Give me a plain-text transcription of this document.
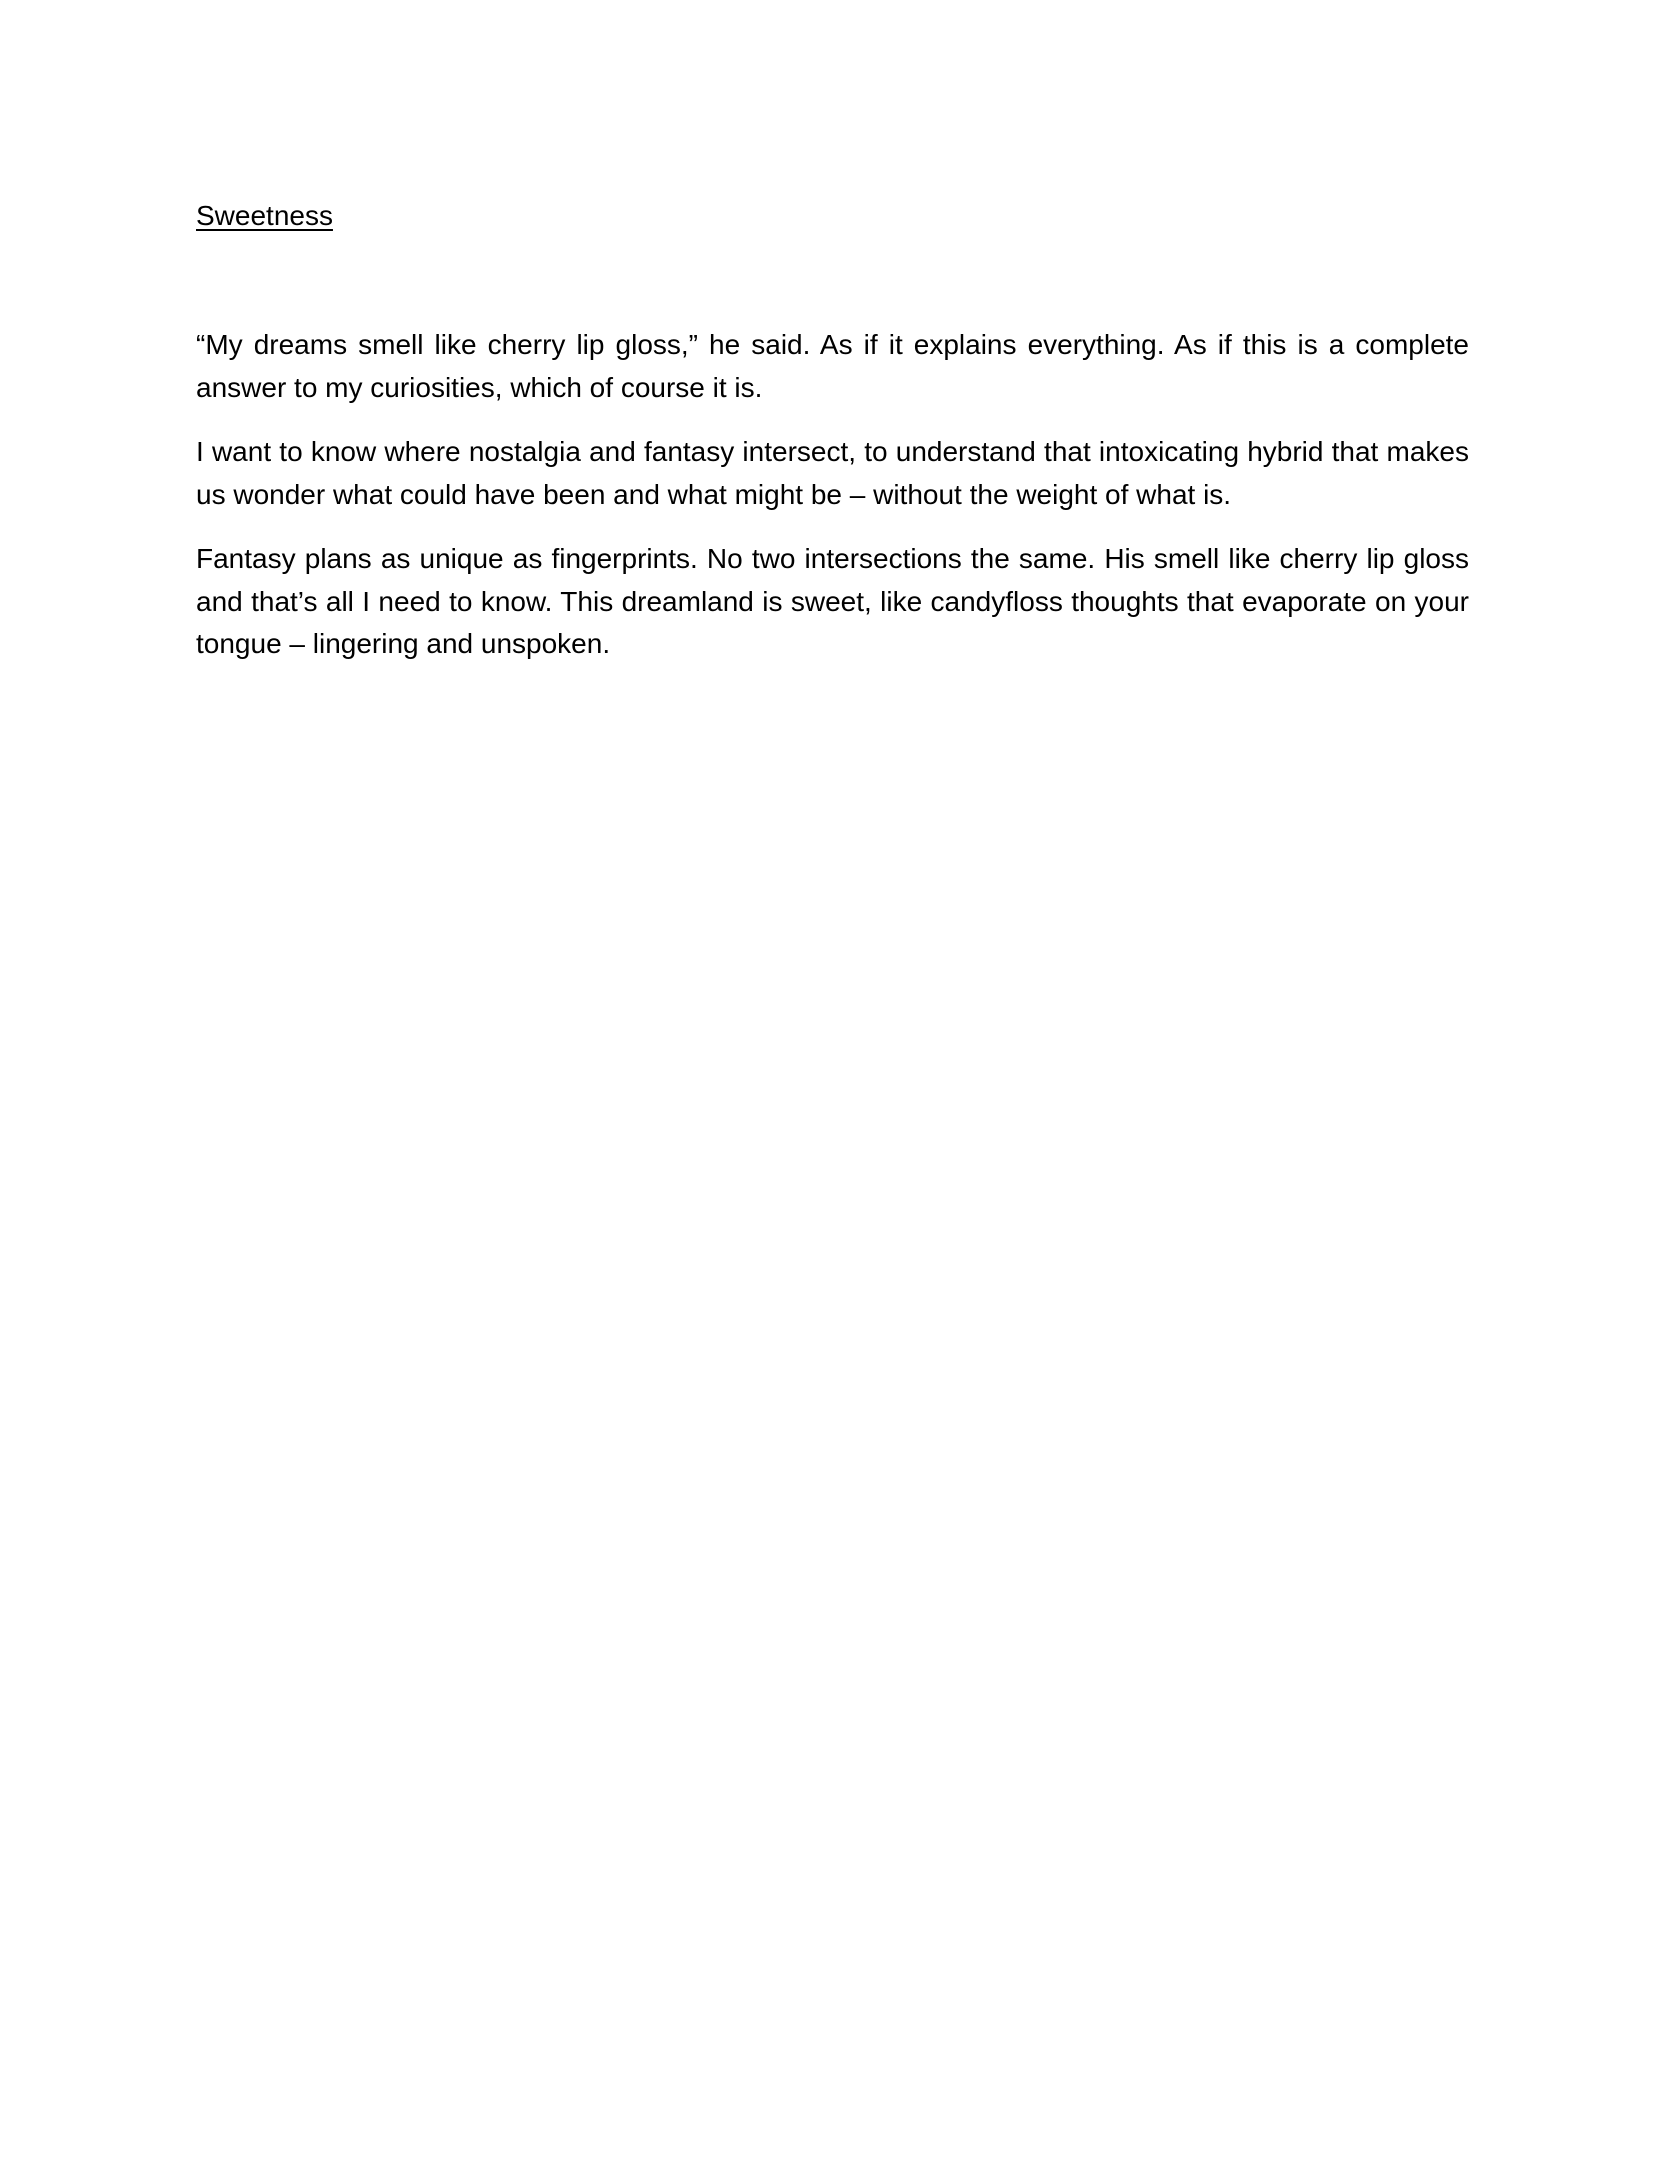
Sweetness

“My dreams smell like cherry lip gloss,” he said. As if it explains everything. As if this is a complete answer to my curiosities, which of course it is.

I want to know where nostalgia and fantasy intersect, to understand that intoxicating hybrid that makes us wonder what could have been and what might be – without the weight of what is.

Fantasy plans as unique as fingerprints. No two intersections the same. His smell like cherry lip gloss and that’s all I need to know. This dreamland is sweet, like candyfloss thoughts that evaporate on your tongue – lingering and unspoken.
